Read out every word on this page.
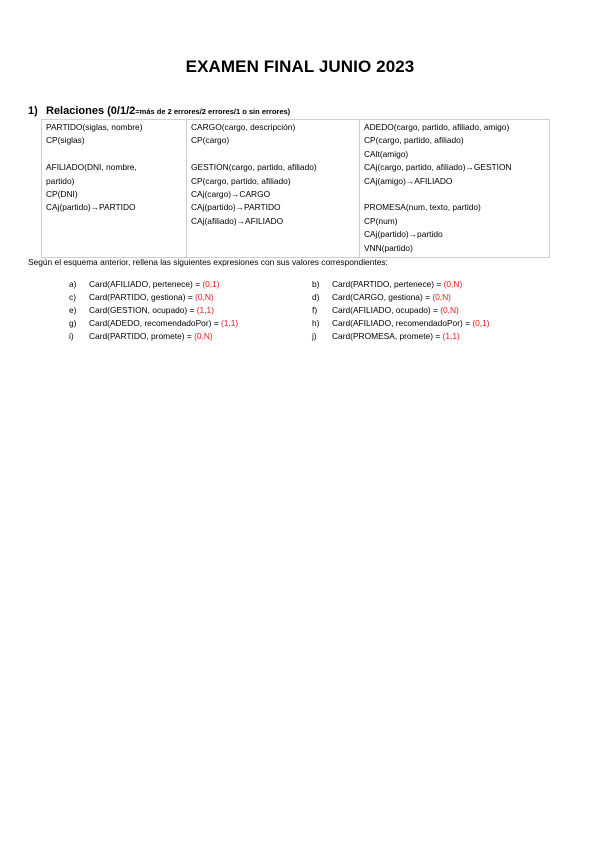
EXAMEN FINAL JUNIO 2023
1) Relaciones (0/1/2=más de 2 errores/2 errores/1 o sin errores)
PARTIDO(siglas, nombre)
CP(siglas)
AFILIADO(DNI, nombre,
partido)
CP(DNI)
CAj(partido)→PARTIDO

CARGO(cargo, descripción)
CP(cargo)
GESTION(cargo, partido, afiliado)
CP(cargo, partido, afiliado)
CAj(cargo)→CARGO
CAj(partido)→PARTIDO
CAj(afiliado)→AFILIADO

ADEDO(cargo, partido, afiliado, amigo)
CP(cargo, partido, afiliado)
CAlt(amigo)
CAj(cargo, partido, afiliado)→GESTION
CAj(amigo)→AFILIADO
PROMESA(num, texto, partido)
CP(num)
CAj(partido)→partido
VNN(partido)
Según el esquema anterior, rellena las siguientes expresiones con sus valores correspondientes:
a) Card(AFILIADO, pertenece) = (0,1)	b) Card(PARTIDO, pertenece) = (0,N)
c) Card(PARTIDO, gestiona) = (0,N)	d) Card(CARGO, gestiona) = (0,N)
e) Card(GESTION, ocupado) = (1,1)	f) Card(AFILIADO, ocupado) = (0,N)
g) Card(ADEDO, recomendadoPor) = (1,1)	h) Card(AFILIADO, recomendadoPor) = (0,1)
i) Card(PARTIDO, promete) = (0,N)	j) Card(PROMESA, promete) = (1,1)
